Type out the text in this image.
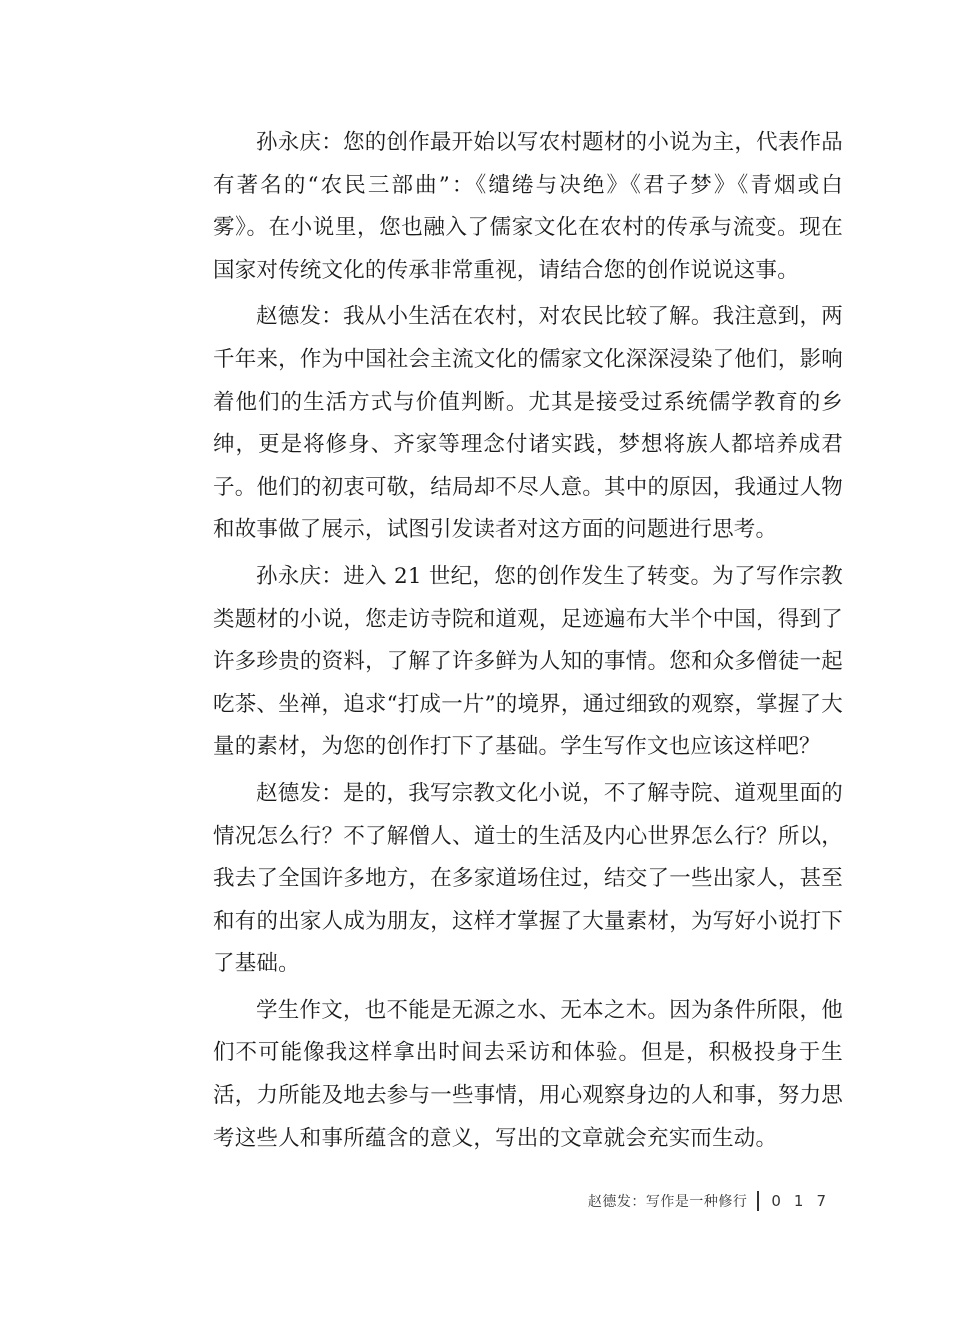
孙永庆：您的创作最开始以写农村题材的小说为主，代表作品有著名的“农民三部曲”：《缱绻与决绝》《君子梦》《青烟或白雾》。在小说里，您也融入了儒家文化在农村的传承与流变。现在国家对传统文化的传承非常重视，请结合您的创作说说这事。

赵德发：我从小生活在农村，对农民比较了解。我注意到，两千年来，作为中国社会主流文化的儒家文化深深浸染了他们，影响着他们的生活方式与价值判断。尤其是接受过系统儒学教育的乡绅，更是将修身、齐家等理念付诸实践，梦想将族人都培养成君子。他们的初衷可敬，结局却不尽人意。其中的原因，我通过人物和故事做了展示，试图引发读者对这方面的问题进行思考。

孙永庆：进入 21 世纪，您的创作发生了转变。为了写作宗教类题材的小说，您走访寺院和道观，足迹遍布大半个中国，得到了许多珍贵的资料，了解了许多鲜为人知的事情。您和众多僧徒一起吃茶、坐禅，追求“打成一片”的境界，通过细致的观察，掌握了大量的素材，为您的创作打下了基础。学生写作文也应该这样吧？

赵德发：是的，我写宗教文化小说，不了解寺院、道观里面的情况怎么行？不了解僧人、道士的生活及内心世界怎么行？所以，我去了全国许多地方，在多家道场住过，结交了一些出家人，甚至和有的出家人成为朋友，这样才掌握了大量素材，为写好小说打下了基础。

学生作文，也不能是无源之水、无本之木。因为条件所限，他们不可能像我这样拿出时间去采访和体验。但是，积极投身于生活，力所能及地去参与一些事情，用心观察身边的人和事，努力思考这些人和事所蕴含的意义，写出的文章就会充实而生动。

赵德发：写作是一种修行 017
